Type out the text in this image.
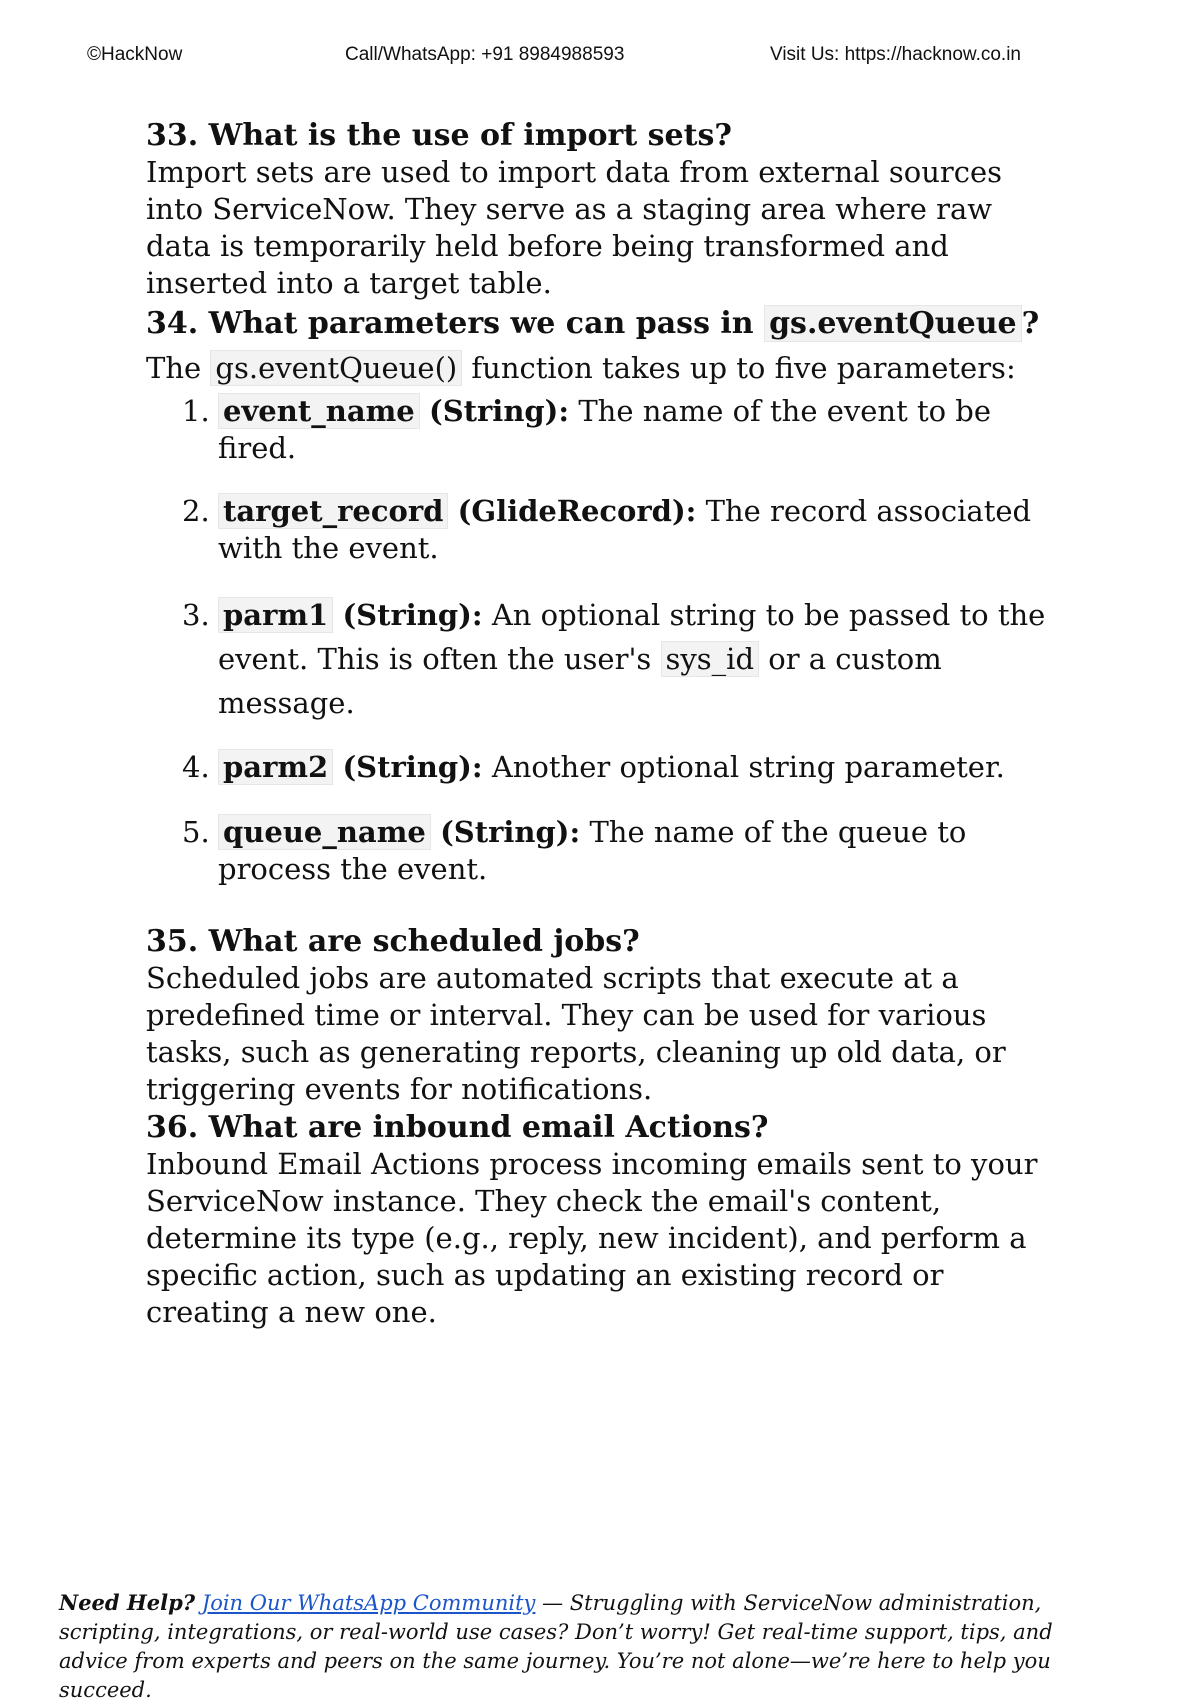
©HackNow	Call/WhatsApp: +91 8984988593	Visit Us: https://hacknow.co.in

33. What is the use of import sets?

Import sets are used to import data from external sources into ServiceNow. They serve as a staging area where raw data is temporarily held before being transformed and inserted into a target table.

34. What parameters we can pass in gs.eventQueue ?

The gs.eventQueue() function takes up to five parameters:

1. event_name (String): The name of the event to be fired.
2. target_record (GlideRecord): The record associated with the event.
3. parm1 (String): An optional string to be passed to the event. This is often the user's sys_id or a custom message.
4. parm2 (String): Another optional string parameter.
5. queue_name (String): The name of the queue to process the event.

35. What are scheduled jobs?

Scheduled jobs are automated scripts that execute at a predefined time or interval. They can be used for various tasks, such as generating reports, cleaning up old data, or triggering events for notifications.

36. What are inbound email Actions?

Inbound Email Actions process incoming emails sent to your ServiceNow instance. They check the email's content, determine its type (e.g., reply, new incident), and perform a specific action, such as updating an existing record or creating a new one.

Need Help? Join Our WhatsApp Community — Struggling with ServiceNow administration, scripting, integrations, or real-world use cases? Don’t worry! Get real-time support, tips, and advice from experts and peers on the same journey. You’re not alone—we’re here to help you succeed.
